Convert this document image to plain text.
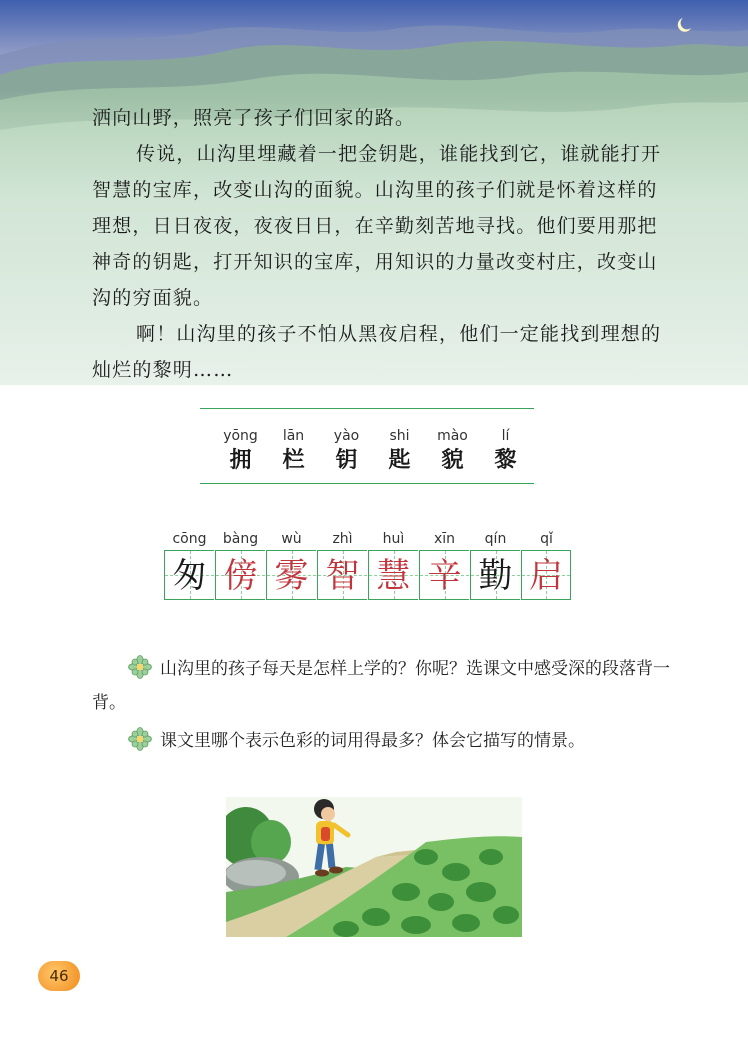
洒向山野，照亮了孩子们回家的路。

传说，山沟里埋藏着一把金钥匙，谁能找到它，谁就能打开智慧的宝库，改变山沟的面貌。山沟里的孩子们就是怀着这样的理想，日日夜夜，夜夜日日，在辛勤刻苦地寻找。他们要用那把神奇的钥匙，打开知识的宝库，用知识的力量改变村庄，改变山沟的穷面貌。

啊！山沟里的孩子不怕从黑夜启程，他们一定能找到理想的灿烂的黎明……

yōng
拥
lān
栏
yào
钥
shi
匙
mào
貌
lí
黎
cōng
匆
bàng
傍
wù
雾
zhì
智
huì
慧
xīn
辛
qín
勤
qǐ
启
山沟里的孩子每天是怎样上学的？你呢？选课文中感受深的段落背一背。
课文里哪个表示色彩的词用得最多？体会它描写的情景。
46
